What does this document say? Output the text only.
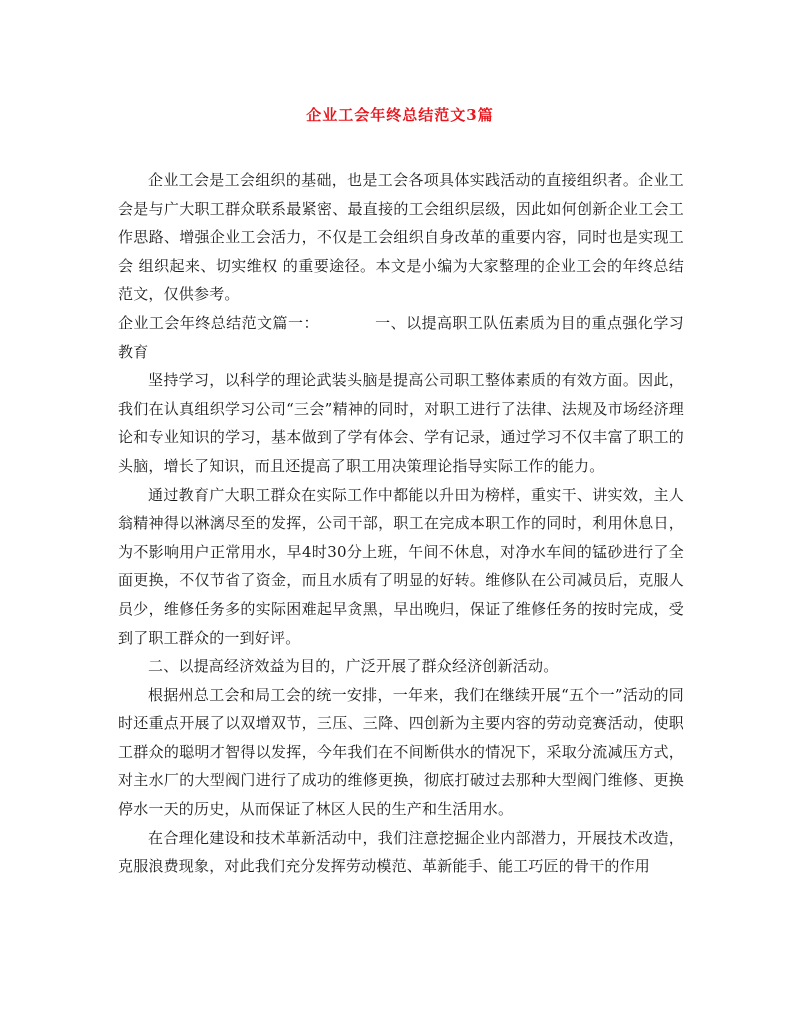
企业工会年终总结范文3篇

企业工会是工会组织的基础，也是工会各项具体实践活动的直接组织者。企业工会是与广大职工群众联系最紧密、最直接的工会组织层级，因此如何创新企业工会工作思路、增强企业工会活力，不仅是工会组织自身改革的重要内容，同时也是实现工会 组织起来、切实维权 的重要途径。本文是小编为大家整理的企业工会的年终总结范文，仅供参考。

企业工会年终总结范文篇一：	一、以提高职工队伍素质为目的重点强化学习教育

坚持学习，以科学的理论武装头脑是提高公司职工整体素质的有效方面。因此，我们在认真组织学习公司“三会”精神的同时，对职工进行了法律、法规及市场经济理论和专业知识的学习，基本做到了学有体会、学有记录，通过学习不仅丰富了职工的头脑，增长了知识，而且还提高了职工用决策理论指导实际工作的能力。

通过教育广大职工群众在实际工作中都能以升田为榜样，重实干、讲实效，主人翁精神得以淋漓尽至的发挥，公司干部，职工在完成本职工作的同时，利用休息日，为不影响用户正常用水，早4时30分上班，午间不休息，对净水车间的锰砂进行了全面更换，不仅节省了资金，而且水质有了明显的好转。维修队在公司减员后，克服人员少，维修任务多的实际困难起早贪黑，早出晚归，保证了维修任务的按时完成，受到了职工群众的一到好评。

二、以提高经济效益为目的，广泛开展了群众经济创新活动。

根据州总工会和局工会的统一安排，一年来，我们在继续开展“五个一”活动的同时还重点开展了以双增双节，三压、三降、四创新为主要内容的劳动竞赛活动，使职工群众的聪明才智得以发挥，今年我们在不间断供水的情况下，采取分流减压方式，对主水厂的大型阀门进行了成功的维修更换，彻底打破过去那种大型阀门维修、更换停水一天的历史，从而保证了林区人民的生产和生活用水。

在合理化建设和技术革新活动中，我们注意挖掘企业内部潜力，开展技术改造，克服浪费现象，对此我们充分发挥劳动模范、革新能手、能工巧匠的骨干的作用
